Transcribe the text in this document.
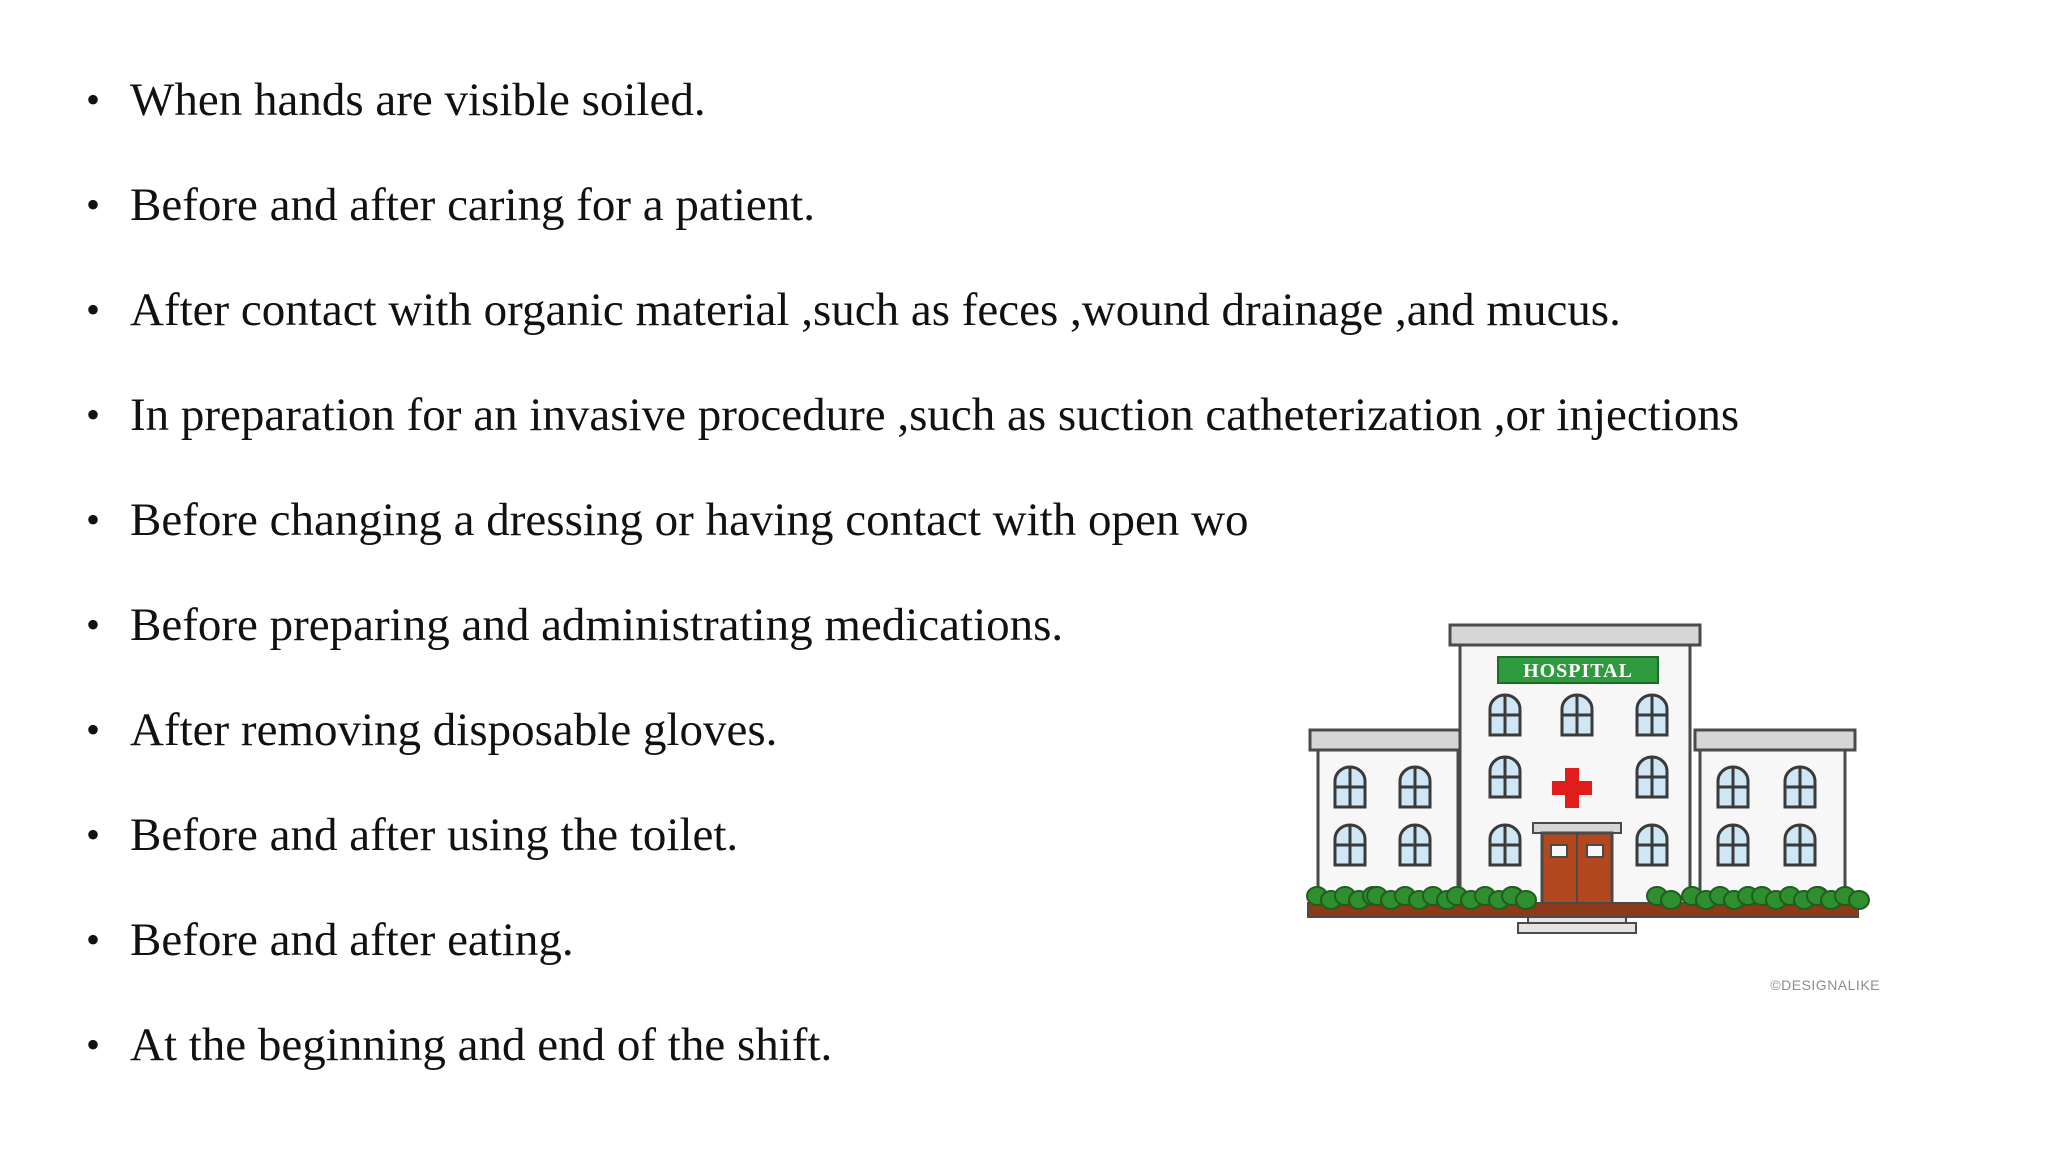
• When hands are visible soiled.
• Before and after caring for a patient.
• After contact with organic material ,such as feces ,wound drainage ,and mucus.
• In preparation for an invasive procedure ,such as suction catheterization ,or injections
• Before changing a dressing or having contact with open wo
• Before preparing and administrating medications.
• After removing disposable gloves.
• Before and after using the toilet.
• Before and after eating.
• At the beginning and end of the shift.
HOSPITAL
©DESIGNALIKE
